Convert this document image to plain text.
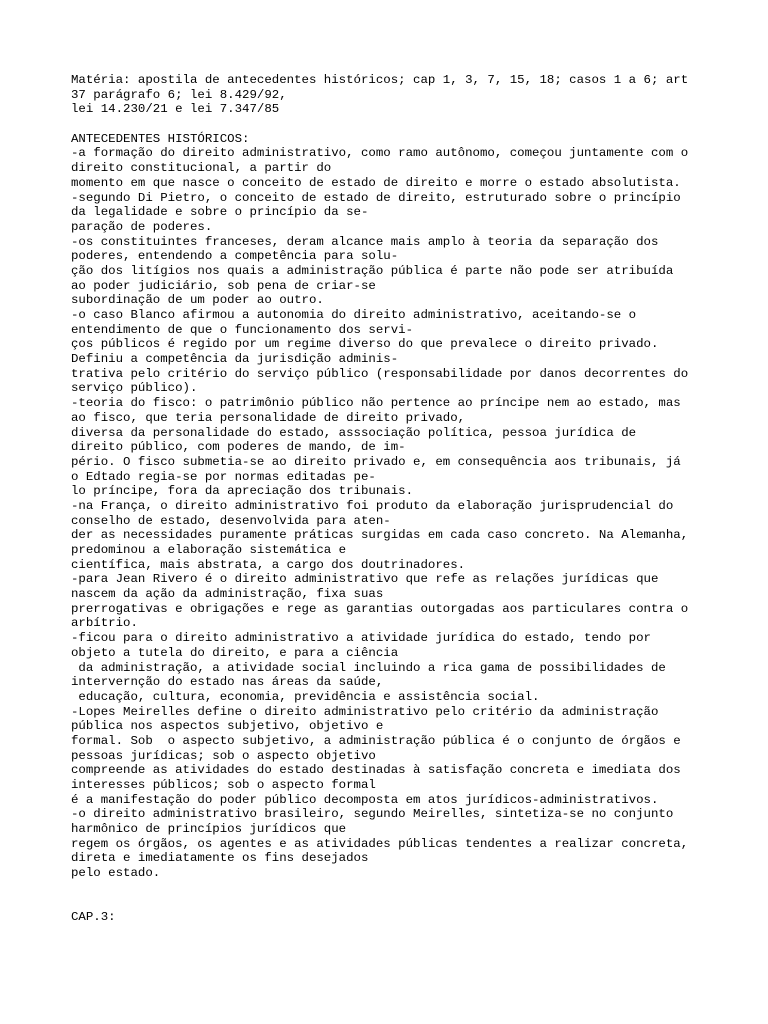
Matéria: apostila de antecedentes históricos; cap 1, 3, 7, 15, 18; casos 1 a 6; art
37 parágrafo 6; lei 8.429/92,
lei 14.230/21 e lei 7.347/85
ANTECEDENTES HISTÓRICOS:
-a formação do direito administrativo, como ramo autônomo, começou juntamente com o
direito constitucional, a partir do
momento em que nasce o conceito de estado de direito e morre o estado absolutista.
-segundo Di Pietro, o conceito de estado de direito, estruturado sobre o princípio
da legalidade e sobre o princípio da se-
paração de poderes.
-os constituintes franceses, deram alcance mais amplo à teoria da separação dos
poderes, entendendo a competência para solu-
ção dos litígios nos quais a administração pública é parte não pode ser atribuída
ao poder judiciário, sob pena de criar-se
subordinação de um poder ao outro.
-o caso Blanco afirmou a autonomia do direito administrativo, aceitando-se o
entendimento de que o funcionamento dos servi-
ços públicos é regido por um regime diverso do que prevalece o direito privado.
Definiu a competência da jurisdição adminis-
trativa pelo critério do serviço público (responsabilidade por danos decorrentes do
serviço público).
-teoria do fisco: o patrimônio público não pertence ao príncipe nem ao estado, mas
ao fisco, que teria personalidade de direito privado,
diversa da personalidade do estado, asssociação política, pessoa jurídica de
direito público, com poderes de mando, de im-
pério. O fisco submetia-se ao direito privado e, em consequência aos tribunais, já
o Edtado regia-se por normas editadas pe-
lo príncipe, fora da apreciação dos tribunais.
-na França, o direito administrativo foi produto da elaboração jurisprudencial do
conselho de estado, desenvolvida para aten-
der as necessidades puramente práticas surgidas em cada caso concreto. Na Alemanha,
predominou a elaboração sistemática e
científica, mais abstrata, a cargo dos doutrinadores.
-para Jean Rivero é o direito administrativo que refe as relações jurídicas que
nascem da ação da administração, fixa suas
prerrogativas e obrigações e rege as garantias outorgadas aos particulares contra o
arbítrio.
-ficou para o direito administrativo a atividade jurídica do estado, tendo por
objeto a tutela do direito, e para a ciência
da administração, a atividade social incluindo a rica gama de possibilidades de
intervernção do estado nas áreas da saúde,
educação, cultura, economia, previdência e assistência social.
-Lopes Meirelles define o direito administrativo pelo critério da administração
pública nos aspectos subjetivo, objetivo e
formal. Sob  o aspecto subjetivo, a administração pública é o conjunto de órgãos e
pessoas jurídicas; sob o aspecto objetivo
compreende as atividades do estado destinadas à satisfação concreta e imediata dos
interesses públicos; sob o aspecto formal
é a manifestação do poder público decomposta em atos jurídicos-administrativos.
-o direito administrativo brasileiro, segundo Meirelles, sintetiza-se no conjunto
harmônico de princípios jurídicos que
regem os órgãos, os agentes e as atividades públicas tendentes a realizar concreta,
direta e imediatamente os fins desejados
pelo estado.
CAP.3:
